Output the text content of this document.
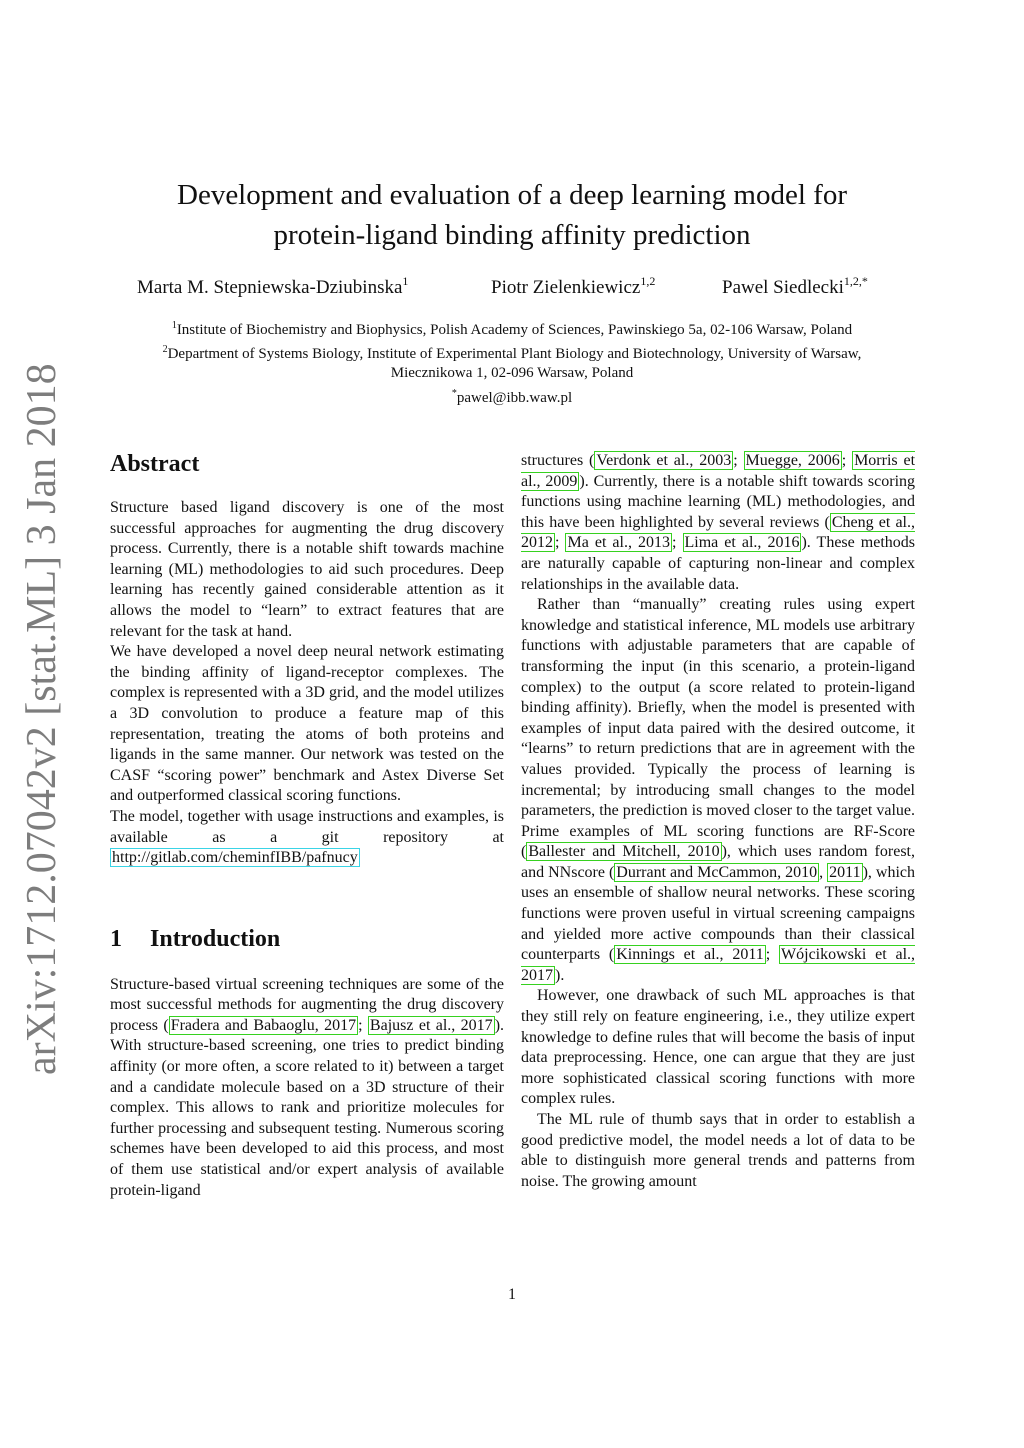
arXiv:1712.07042v2 [stat.ML] 3 Jan 2018
Development and evaluation of a deep learning model for
protein-ligand binding affinity prediction
Marta M. Stepniewska-Dziubinska$^1$	Piotr Zielenkiewicz$^{1,2}$	Pawel Siedlecki$^{1,2,*}$
$^1$Institute of Biochemistry and Biophysics, Polish Academy of Sciences, Pawinskiego 5a, 02-106 Warsaw, Poland
$^2$Department of Systems Biology, Institute of Experimental Plant Biology and Biotechnology, University of Warsaw,
Miecznikowa 1, 02-096 Warsaw, Poland
*pawel@ibb.waw.pl
Abstract

Structure based ligand discovery is one of the most successful approaches for augmenting the drug discovery process. Currently, there is a notable shift towards machine learning (ML) methodologies to aid such procedures. Deep learning has recently gained considerable attention as it allows the model to “learn” to extract features that are relevant for the task at hand.

We have developed a novel deep neural network estimating the binding affinity of ligand-receptor complexes. The complex is represented with a 3D grid, and the model utilizes a 3D convolution to produce a feature map of this representation, treating the atoms of both proteins and ligands in the same manner. Our network was tested on the CASF “scoring power” benchmark and Astex Diverse Set and outperformed classical scoring functions.

The model, together with usage instructions and examples, is available as a git repository at http://gitlab.com/cheminfIBB/pafnucy

1 Introduction

Structure-based virtual screening techniques are some of the most successful methods for augmenting the drug discovery process ( Fradera and Babaoglu, 2017 ; Bajusz et al., 2017 ). With structure-based screening, one tries to predict binding affinity (or more often, a score related to it) between a target and a candidate molecule based on a 3D structure of their complex. This allows to rank and prioritize molecules for further processing and subsequent testing. Numerous scoring schemes have been developed to aid this process, and most of them use statistical and/or expert analysis of available protein-ligand

structures ( Verdonk et al., 2003 ; Muegge, 2006 ; Morris et al., 2009 ). Currently, there is a notable shift towards scoring functions using machine learning (ML) methodologies, and this have been highlighted by several reviews ( Cheng et al., 2012 ; Ma et al., 2013 ; Lima et al., 2016 ). These methods are naturally capable of capturing non-linear and complex relationships in the available data.

Rather than “manually” creating rules using expert knowledge and statistical inference, ML models use arbitrary functions with adjustable parameters that are capable of transforming the input (in this scenario, a protein-ligand complex) to the output (a score related to protein-ligand binding affinity). Briefly, when the model is presented with examples of input data paired with the desired outcome, it “learns” to return predictions that are in agreement with the values provided. Typically the process of learning is incremental; by introducing small changes to the model parameters, the prediction is moved closer to the target value. Prime examples of ML scoring functions are RF-Score ( Ballester and Mitchell, 2010 ), which uses random forest, and NNscore ( Durrant and McCammon, 2010 , 2011 ), which uses an ensemble of shallow neural networks. These scoring functions were proven useful in virtual screening campaigns and yielded more active compounds than their classical counterparts ( Kinnings et al., 2011 ; Wójcikowski et al., 2017 ).

However, one drawback of such ML approaches is that they still rely on feature engineering, i.e., they utilize expert knowledge to define rules that will become the basis of input data preprocessing. Hence, one can argue that they are just more sophisticated classical scoring functions with more complex rules.

The ML rule of thumb says that in order to establish a good predictive model, the model needs a lot of data to be able to distinguish more general trends and patterns from noise. The growing amount

1
